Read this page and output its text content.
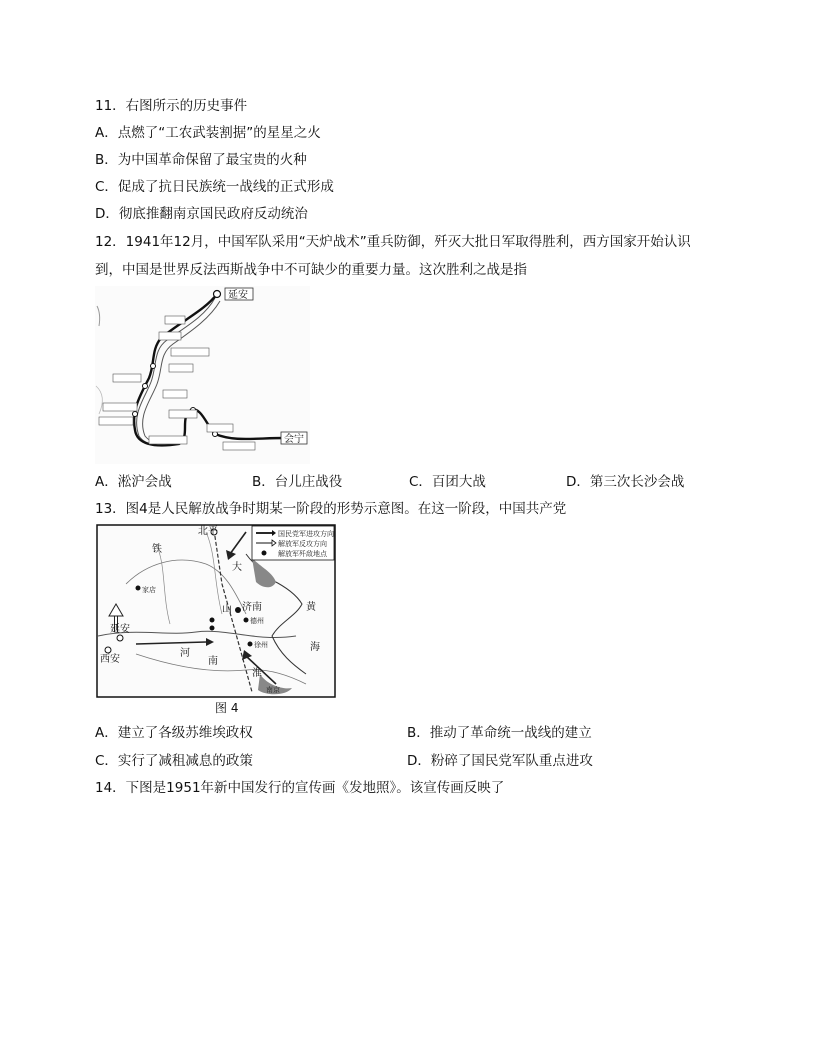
11．右图所示的历史事件
A．点燃了“工农武装割据”的星星之火
B．为中国革命保留了最宝贵的火种
C．促成了抗日民族统一战线的正式形成
D．彻底推翻南京国民政府反动统治
12．1941年12月，中国军队采用“天炉战术”重兵防御，歼灭大批日军取得胜利，西方国家开始认识
到，中国是世界反法西斯战争中不可缺少的重要力量。这次胜利之战是指
延安
会宁
A．淞沪会战	B．台儿庄战役	C．百团大战	D．第三次长沙会战
13．图4是人民解放战争时期某一阶段的形势示意图。在这一阶段，中国共产党
国民党军进攻方向
解放军反攻方向
解放军歼敌地点
北平
延安
西安
济南
山
河
南
淮
海
黄
大
铁
家店
德州
徐州
南京
图 4
A．建立了各级苏维埃政权	B．推动了革命统一战线的建立
C．实行了减租减息的政策	D．粉碎了国民党军队重点进攻
14．下图是1951年新中国发行的宣传画《发地照》。该宣传画反映了
